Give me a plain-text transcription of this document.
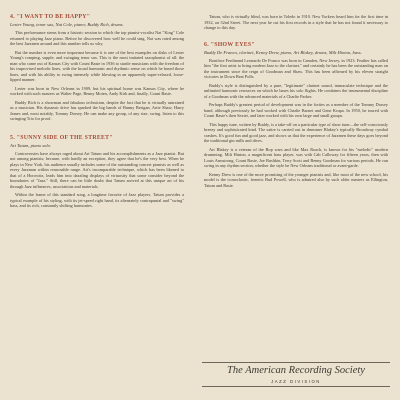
4. "I WANT TO BE HAPPY"

Lester Young, tenor sax, Nat Cole, piano; Buddy Rich, drums.

This performance stems from a historic session in which the top pianist-vocalist Nat "King" Cole returned to playing Jazz piano. Before he discovered how well he could sing, Nat was rated among the best Jazzmen around and this number tells us why.

But the number is even more important because it is one of the best examples on disks of Lester Young's romping, supple, and swinging tenor sax. This is the most imitated saxophonist of all: the man who came out of Kansas City with Count Basie in 1936 to startle musicians with the freedom of his improvised melodic lines, with the broad harmonic and rhythmic sense on which he based those lines, and with his ability to swing intensely while blowing in an apparently super-relaxed, loose-lipped manner.

Lester was born in New Orleans in 1909, but his spiritual home was Kansas City, where he worked with such masters as Walter Page, Benny Moten, Andy Kirk and, finally, Count Basie.

Buddy Rich is a showman and fabulous technician, despite the fact that he is virtually untrained as a musician. His dynamic drive has sparked the big bands of Bunny Berigan, Artie Shaw, Harry James and, most notably, Tommy Dorsey. He can make any group, of any size, swing. listen to this swinging Trio for proof.

5. "SUNNY SIDE OF THE STREET"

Art Tatum, piano solo.

Controversies have always raged about Art Tatum and his accomplishments as a Jazz pianist. But not among pianists; because, with hardly an exception, they agree that he's the very best. When he plays in New York, his audience usually includes some of the outstanding concert pianists as well as every Jazzman within reasonable range. Art's incomparable technique, which has been likened to that of a Horowitz, leads him into dazzling displays of virtuosity that some consider beyond the boundaries of "Jazz." Still, there can be little doubt that Tatum arrived at this unique art of his through Jazz influences, associations and materials.

Within the frame of this standard song, a longtime favorite of Jazz players, Tatum provides a typical example of his styling, with its jet-speed right hand, its alternately contrapuntal and "swing" bass, and its rich, constantly shifting harmonies.

Tatum, who is virtually blind, was born in Toledo in 1910. New Yorkers heard him for the first time in 1932, on 52nd Street. The next year he cut his first records in a style that he has not found it necessary to change to this day.

6. "SHOW EYES"

Buddy De Franco, clarinet, Kenny Drew, piano, Art Blakey, drums, Milt Hinton, bass.

Boniface Ferdinand Leonardo De Franco was born in Camden, New Jersey, in 1923. Feather has called him "the first artist to bring modern Jazz to the clarinet," and certainly he has been the outstanding man on the instrument since the reign of Goodman and Shaw. This has been affirmed by his eleven straight victories in Down Beat Polls.

Buddy's style is distinguished by a pure, "legitimate" clarinet sound, immaculate technique and the unlimited harmonic resources on which he bases his solo flights. He combines the instrumental discipline of a Goodman with the advanced materials of a Charlie Parker.

Perhaps Buddy's greatest period of development was in the forties as a member of the Tommy Dorsey band, although previously he had worked with Charlie Barnet and Gene Krupa. In 1950, he toured with Count Basie's then Sextet, and later worked with his own large and small groups.

This happy tune, written by Buddy, is a take-off on a particular type of show tune—the self-consciously breezy and sophisticated kind. The satire is carried out in drummer Blakey's typically Broadway cymbal crashes. It's good fun and good jazz, and shows us that the experience of Jazzmen these days goes beyond the traditional gin mills and dives.

Art Blakey is a veteran of the Bop wars and like Max Roach, is known for his "melodic" modern drumming. Milt Hinton, a magnificent bass player, was with Cab Calloway for fifteen years, then with Louis Armstrong, Count Basie, Joe Bushkin, Terry Scott and Benny Goodman for various periods. He can swing in any rhythm section, whether the style be New Orleans traditional or avant-garde.

Kenny Drew is one of the more promising of the younger pianists and, like most of the new school, his model is the iconoclastic, frenetic Bud Powell, who is admired also by such older masters as Ellington, Tatum and Basie.

The American Recording Society
JAZZ DIVISION
